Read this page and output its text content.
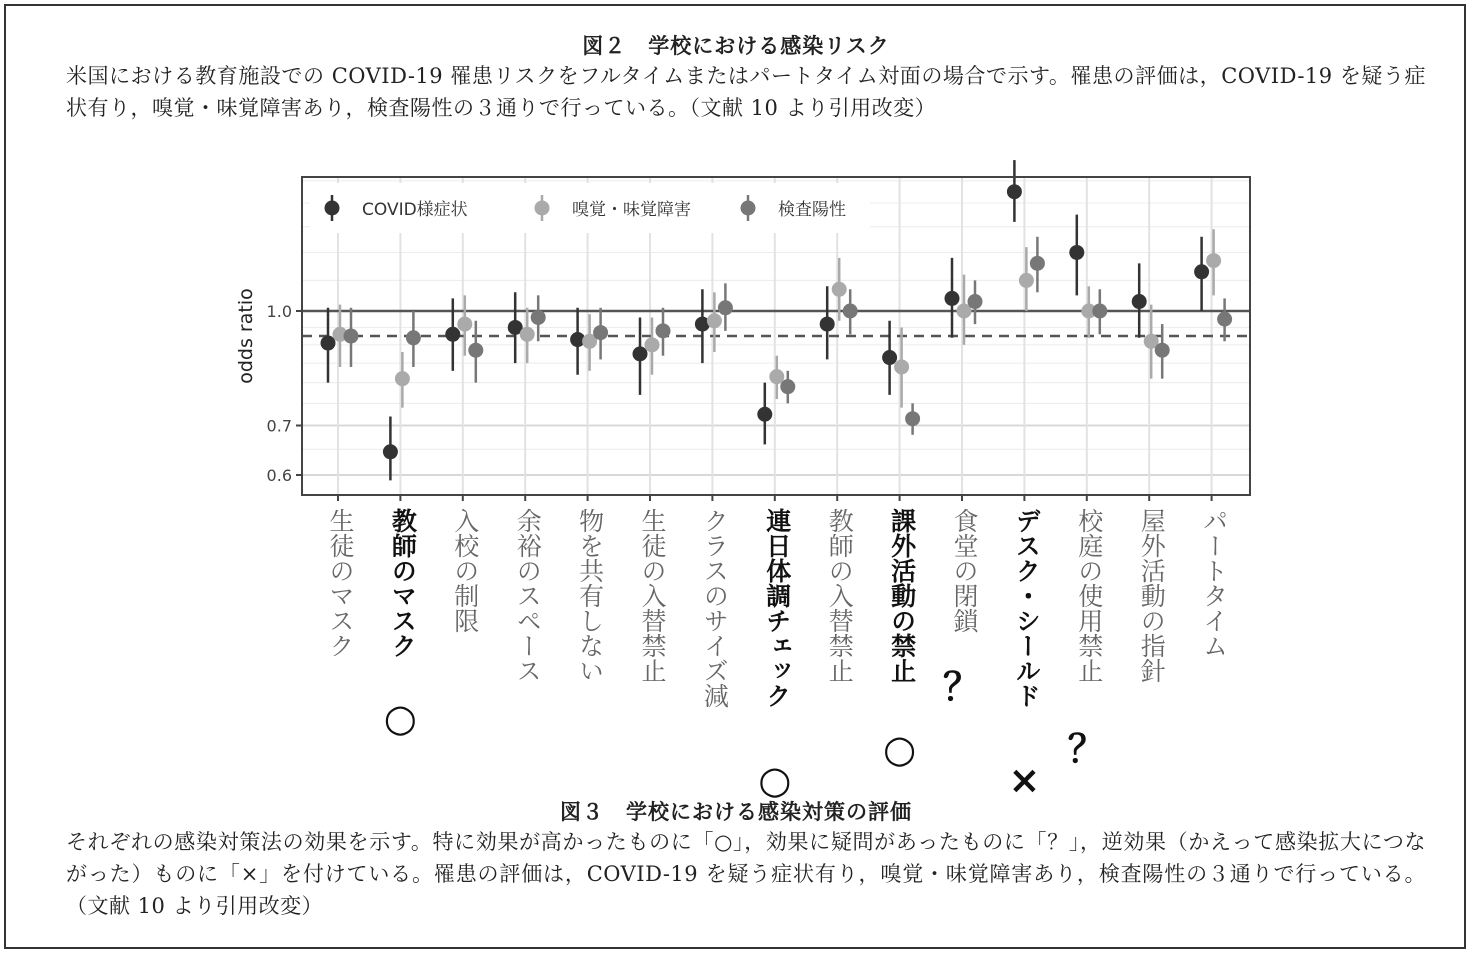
図２　学校における感染リスク
米国における教育施設での COVID-19 罹患リスクをフルタイムまたはパートタイム対面の場合で示す。罹患の評価は，COVID-19 を疑う症状有り，嗅覚・味覚障害あり，検査陽性の３通りで行っている。（文献 10 より引用改変）
0.6
0.7
1.0
odds ratio
COVID様症状	嗅覚・味覚障害	検査陽性
生徒のマスク 教師のマスク
○
入校の制限 余裕のスペース 物を共有しない 生徒の入替禁止 クラスのサイズ減 連日体調チェック
○
教師の入替禁止 課外活動の禁止
○
食堂の閉鎖
？ デスク・シールド
×
校庭の使用禁止
？
屋外活動の指針 パートタイム
図３　学校における感染対策の評価
それぞれの感染対策法の効果を示す。特に効果が高かったものに「○」，効果に疑問があったものに「？」，逆効果（かえって感染拡大につながった）ものに「×」を付けている。罹患の評価は，COVID-19 を疑う症状有り，嗅覚・味覚障害あり，検査陽性の３通りで行っている。（文献 10 より引用改変）
